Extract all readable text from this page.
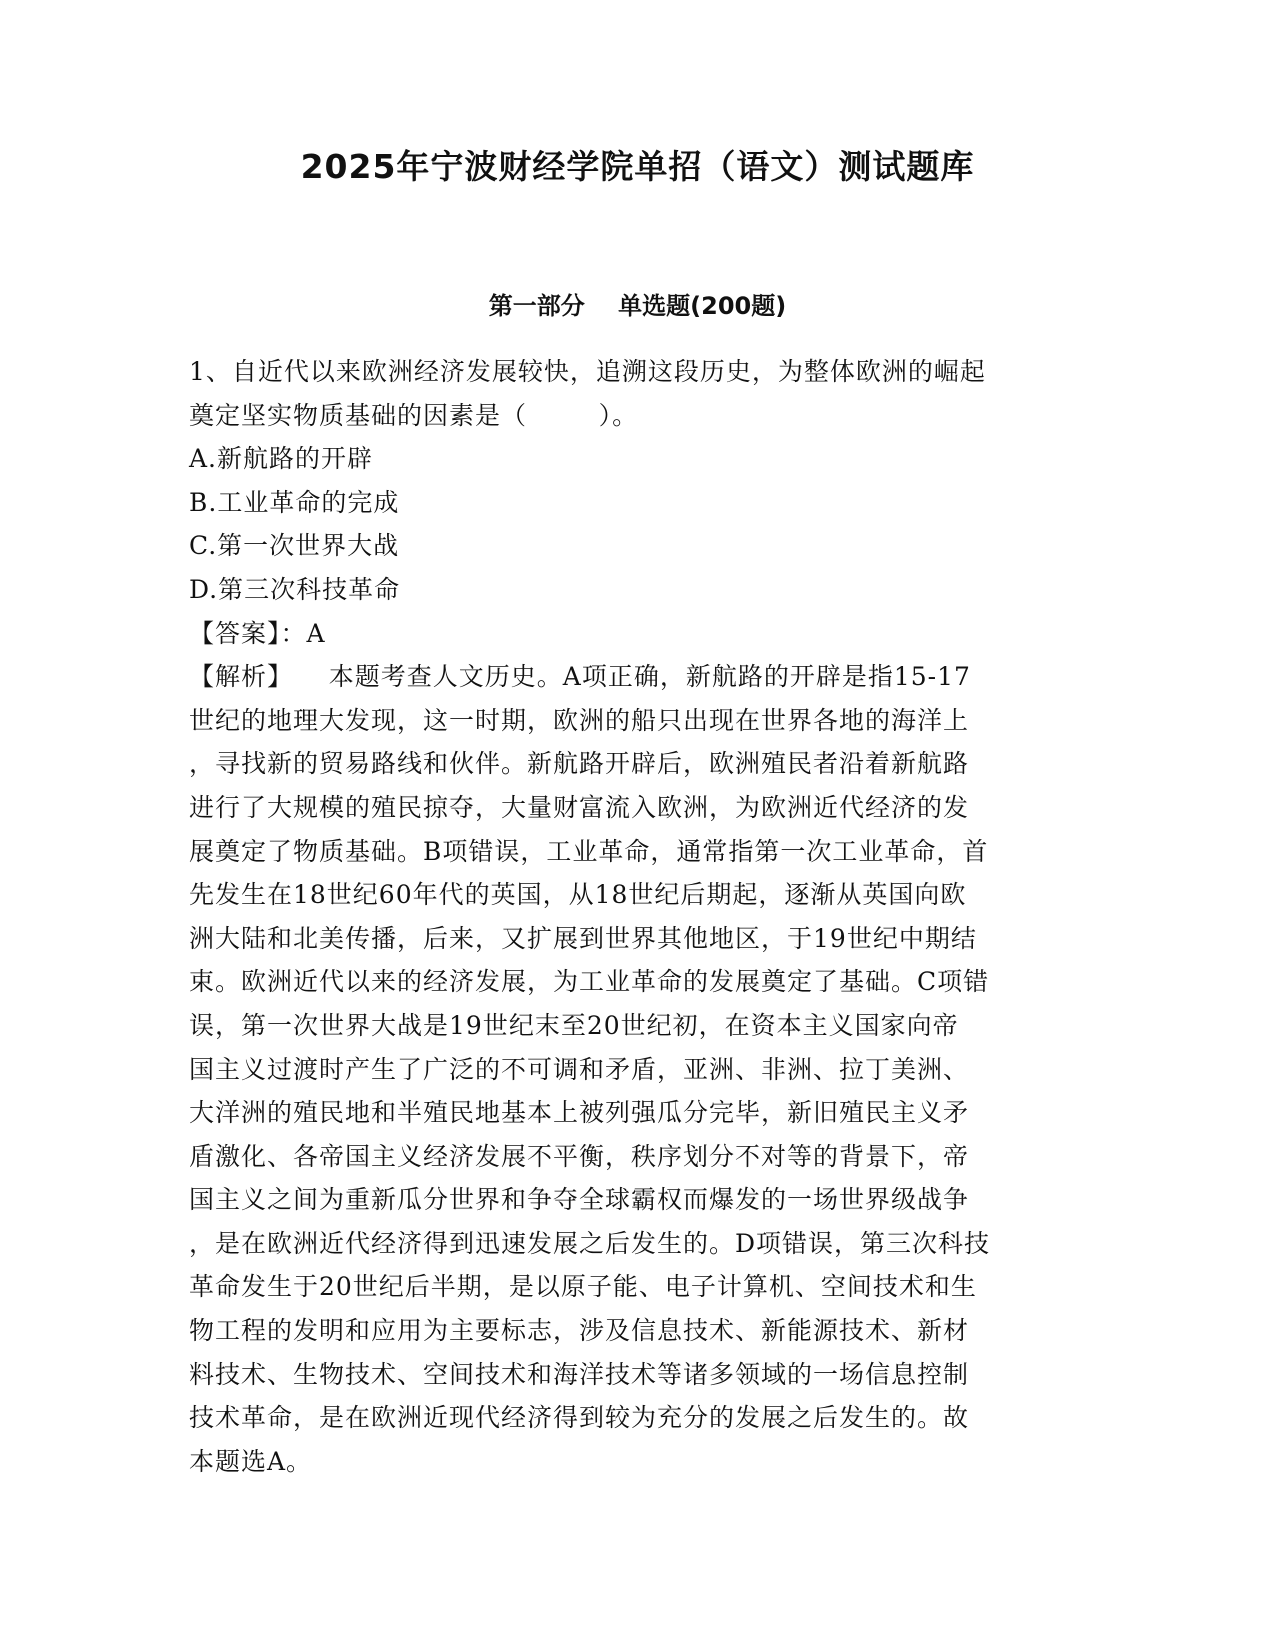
2025年宁波财经学院单招（语文）测试题库
第一部分    单选题(200题)
1、自近代以来欧洲经济发展较快，追溯这段历史，为整体欧洲的崛起
奠定坚实物质基础的因素是（        ）。
A.新航路的开辟
B.工业革命的完成
C.第一次世界大战
D.第三次科技革命
【答案】：A
【解析】    本题考查人文历史。A项正确，新航路的开辟是指15-17
世纪的地理大发现，这一时期，欧洲的船只出现在世界各地的海洋上
，寻找新的贸易路线和伙伴。新航路开辟后，欧洲殖民者沿着新航路
进行了大规模的殖民掠夺，大量财富流入欧洲，为欧洲近代经济的发
展奠定了物质基础。B项错误，工业革命，通常指第一次工业革命，首
先发生在18世纪60年代的英国，从18世纪后期起，逐渐从英国向欧
洲大陆和北美传播，后来，又扩展到世界其他地区，于19世纪中期结
束。欧洲近代以来的经济发展，为工业革命的发展奠定了基础。C项错
误，第一次世界大战是19世纪末至20世纪初，在资本主义国家向帝
国主义过渡时产生了广泛的不可调和矛盾，亚洲、非洲、拉丁美洲、
大洋洲的殖民地和半殖民地基本上被列强瓜分完毕，新旧殖民主义矛
盾激化、各帝国主义经济发展不平衡，秩序划分不对等的背景下，帝
国主义之间为重新瓜分世界和争夺全球霸权而爆发的一场世界级战争
，是在欧洲近代经济得到迅速发展之后发生的。D项错误，第三次科技
革命发生于20世纪后半期，是以原子能、电子计算机、空间技术和生
物工程的发明和应用为主要标志，涉及信息技术、新能源技术、新材
料技术、生物技术、空间技术和海洋技术等诸多领域的一场信息控制
技术革命，是在欧洲近现代经济得到较为充分的发展之后发生的。故
本题选A。
